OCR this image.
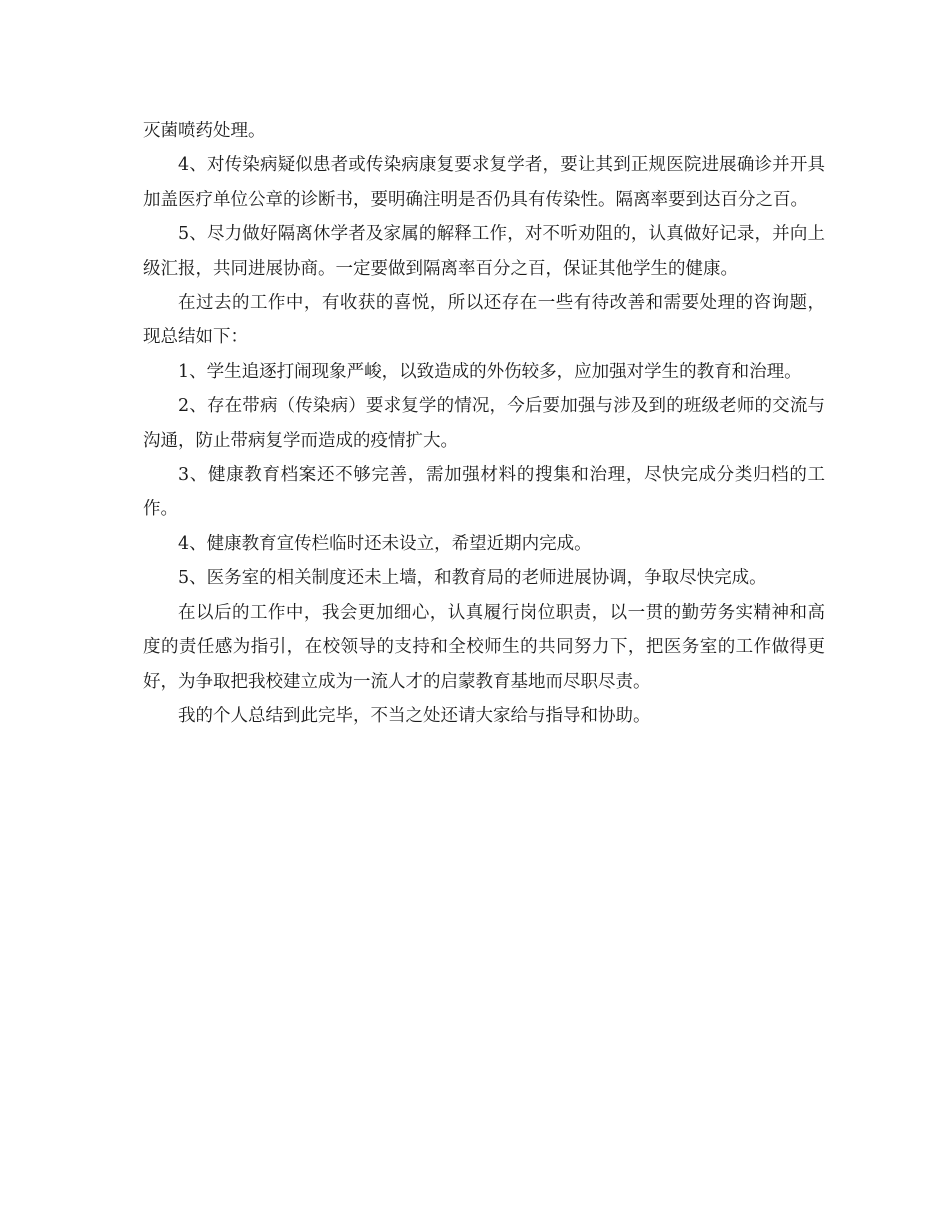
灭菌喷药处理。

4、对传染病疑似患者或传染病康复要求复学者，要让其到正规医院进展确诊并开具加盖医疗单位公章的诊断书，要明确注明是否仍具有传染性。隔离率要到达百分之百。

5、尽力做好隔离休学者及家属的解释工作，对不听劝阻的，认真做好记录，并向上级汇报，共同进展协商。一定要做到隔离率百分之百，保证其他学生的健康。

在过去的工作中，有收获的喜悦，所以还存在一些有待改善和需要处理的咨询题，现总结如下：

1、学生追逐打闹现象严峻，以致造成的外伤较多，应加强对学生的教育和治理。

2、存在带病（传染病）要求复学的情况，今后要加强与涉及到的班级老师的交流与沟通，防止带病复学而造成的疫情扩大。

3、健康教育档案还不够完善，需加强材料的搜集和治理，尽快完成分类归档的工作。

4、健康教育宣传栏临时还未设立，希望近期内完成。

5、医务室的相关制度还未上墙，和教育局的老师进展协调，争取尽快完成。

在以后的工作中，我会更加细心，认真履行岗位职责，以一贯的勤劳务实精神和高度的责任感为指引，在校领导的支持和全校师生的共同努力下，把医务室的工作做得更好，为争取把我校建立成为一流人才的启蒙教育基地而尽职尽责。

我的个人总结到此完毕，不当之处还请大家给与指导和协助。
